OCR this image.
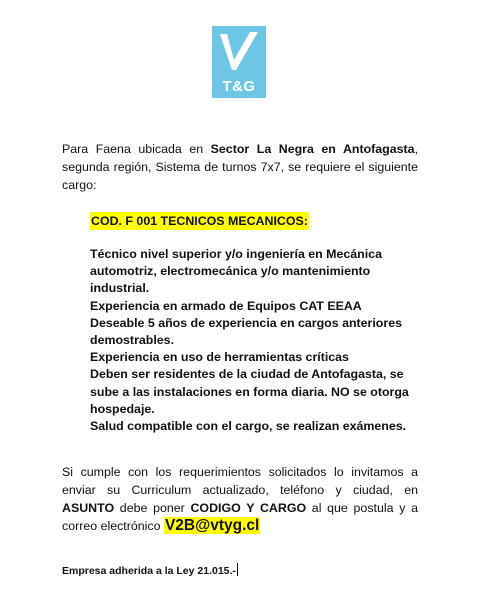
T&G
Para Faena ubicada en Sector La Negra en Antofagasta, segunda región, Sistema de turnos 7x7, se requiere el siguiente cargo:
COD. F 001 TECNICOS MECANICOS:
Técnico nivel superior y/o ingeniería en Mecánica automotriz, electromecánica y/o mantenimiento industrial.
Experiencia en armado de Equipos CAT EEAA
Deseable 5 años de experiencia en cargos anteriores demostrables.
Experiencia en uso de herramientas críticas
Deben ser residentes de la ciudad de Antofagasta, se sube a las instalaciones en forma diaria. NO se otorga hospedaje.
Salud compatible con el cargo, se realizan exámenes.
Si cumple con los requerimientos solicitados lo invitamos a enviar su Curriculum actualizado, teléfono y ciudad, en ASUNTO debe poner CODIGO Y CARGO al que postula y a correo electrónico V2B@vtyg.cl
Empresa adherida a la Ley 21.015.-
